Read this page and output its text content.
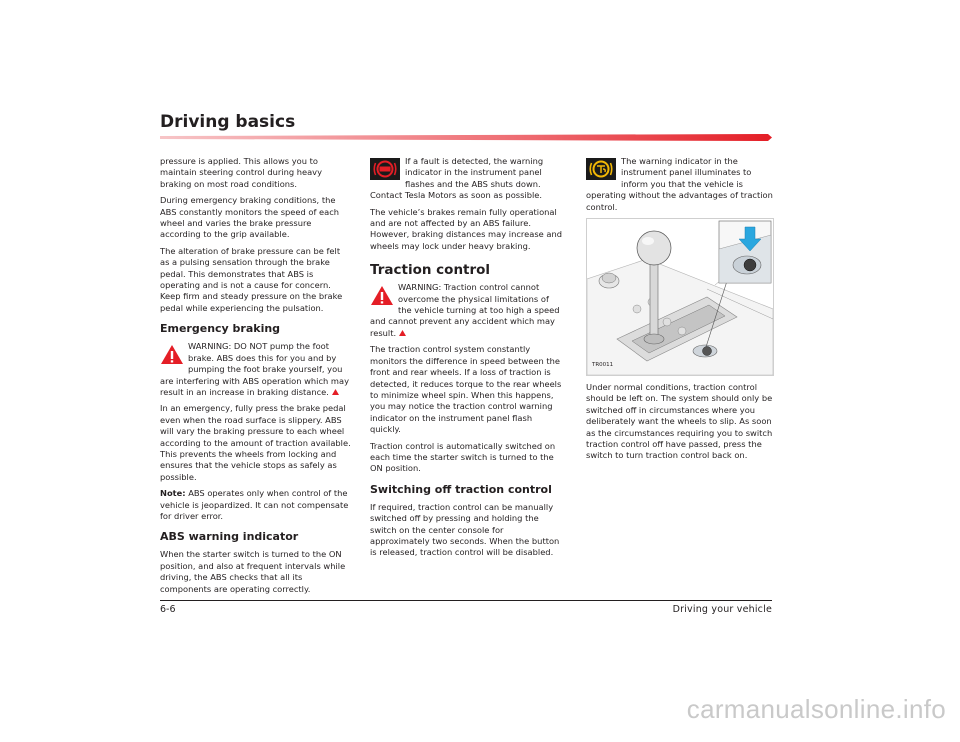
Driving basics

pressure is applied. This allows you to maintain steering control during heavy braking on most road conditions.

During emergency braking conditions, the ABS constantly monitors the speed of each wheel and varies the brake pressure according to the grip available.

The alteration of brake pressure can be felt as a pulsing sensation through the brake pedal. This demonstrates that ABS is operating and is not a cause for concern. Keep firm and steady pressure on the brake pedal while experiencing the pulsation.

Emergency braking

WARNING: DO NOT pump the foot brake. ABS does this for you and by pumping the foot brake yourself, you are interfering with ABS operation which may result in an increase in braking distance.

In an emergency, fully press the brake pedal even when the road surface is slippery. ABS will vary the braking pressure to each wheel according to the amount of traction available. This prevents the wheels from locking and ensures that the vehicle stops as safely as possible.

Note: ABS operates only when control of the vehicle is jeopardized. It can not compensate for driver error.

ABS warning indicator

When the starter switch is turned to the ON position, and also at frequent intervals while driving, the ABS checks that all its components are operating correctly.

If a fault is detected, the warning indicator in the instrument panel flashes and the ABS shuts down. Contact Tesla Motors as soon as possible.

The vehicle’s brakes remain fully operational and are not affected by an ABS failure. However, braking distances may increase and wheels may lock under heavy braking.

Traction control

WARNING: Traction control cannot overcome the physical limitations of the vehicle turning at too high a speed and cannot prevent any accident which may result.

The traction control system constantly monitors the difference in speed between the front and rear wheels. If a loss of traction is detected, it reduces torque to the rear wheels to minimize wheel spin. When this happens, you may notice the traction control warning indicator on the instrument panel flash quickly.

Traction control is automatically switched on each time the starter switch is turned to the ON position.

Switching off traction control

If required, traction control can be manually switched off by pressing and holding the switch on the center console for approximately two seconds. When the button is released, traction control will be disabled.

The warning indicator in the instrument panel illuminates to inform you that the vehicle is operating without the advantages of traction control.

TR0011

Under normal conditions, traction control should be left on. The system should only be switched off in circumstances where you deliberately want the wheels to slip. As soon as the circumstances requiring you to switch traction control off have passed, press the switch to turn traction control back on.

6-6	Driving your vehicle
carmanualsonline.info
